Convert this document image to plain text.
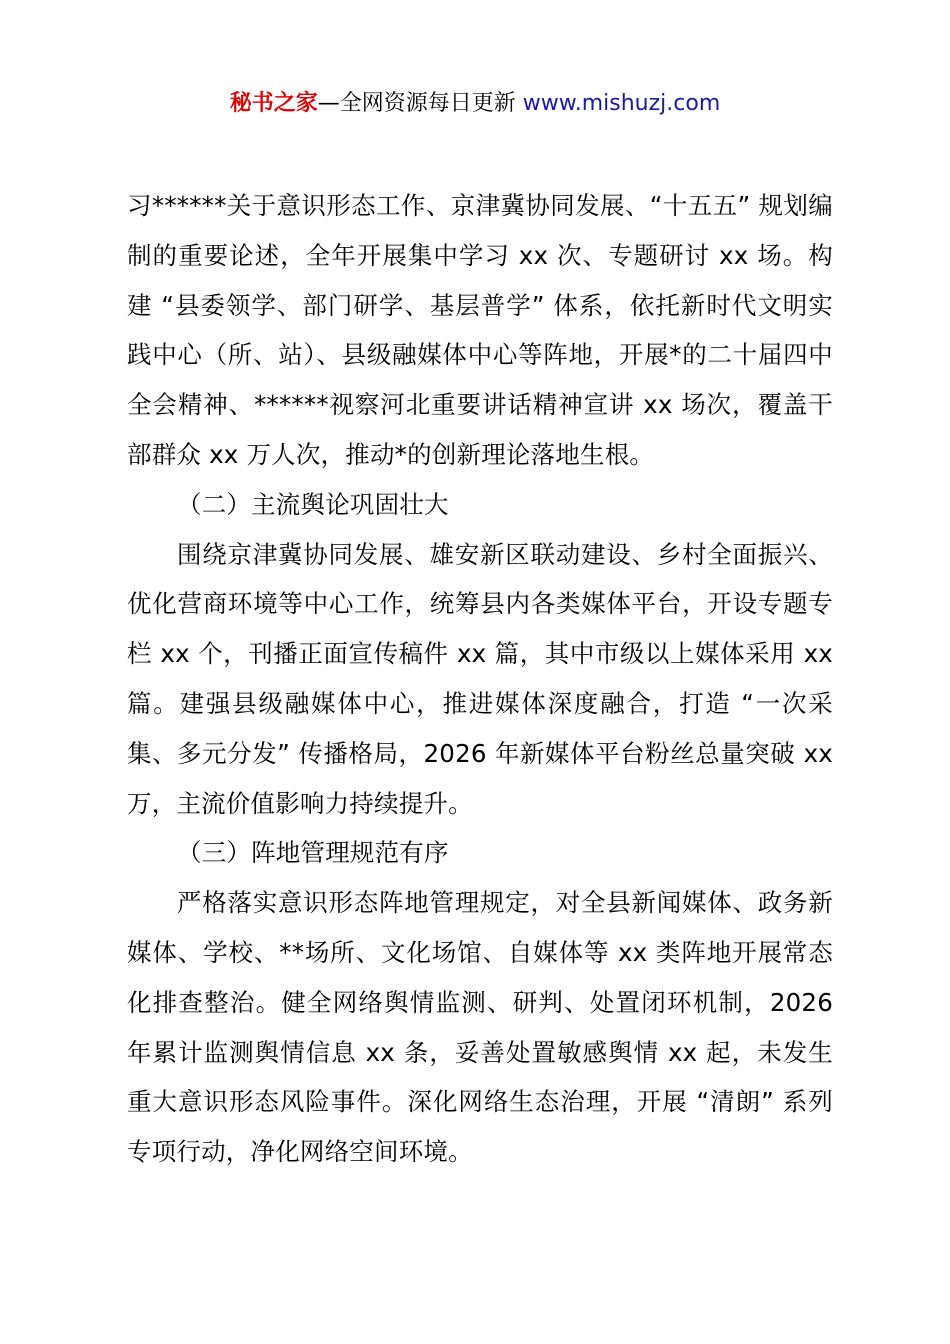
秘书之家—全网资源每日更新 www.mishuzj.com

习******关于意识形态工作、京津冀协同发展、“十五五” 规划编制的重要论述，全年开展集中学习 xx 次、专题研讨 xx 场。构建 “县委领学、部门研学、基层普学” 体系，依托新时代文明实践中心（所、站）、县级融媒体中心等阵地，开展*的二十届四中全会精神、******视察河北重要讲话精神宣讲 xx 场次，覆盖干部群众 xx 万人次，推动*的创新理论落地生根。

（二）主流舆论巩固壮大

围绕京津冀协同发展、雄安新区联动建设、乡村全面振兴、优化营商环境等中心工作，统筹县内各类媒体平台，开设专题专栏 xx 个，刊播正面宣传稿件 xx 篇，其中市级以上媒体采用 xx 篇。建强县级融媒体中心，推进媒体深度融合，打造 “一次采集、多元分发” 传播格局，2026 年新媒体平台粉丝总量突破 xx 万，主流价值影响力持续提升。

（三）阵地管理规范有序

严格落实意识形态阵地管理规定，对全县新闻媒体、政务新媒体、学校、**场所、文化场馆、自媒体等 xx 类阵地开展常态化排查整治。健全网络舆情监测、研判、处置闭环机制，2026 年累计监测舆情信息 xx 条，妥善处置敏感舆情 xx 起，未发生重大意识形态风险事件。深化网络生态治理，开展 “清朗” 系列专项行动，净化网络空间环境。
